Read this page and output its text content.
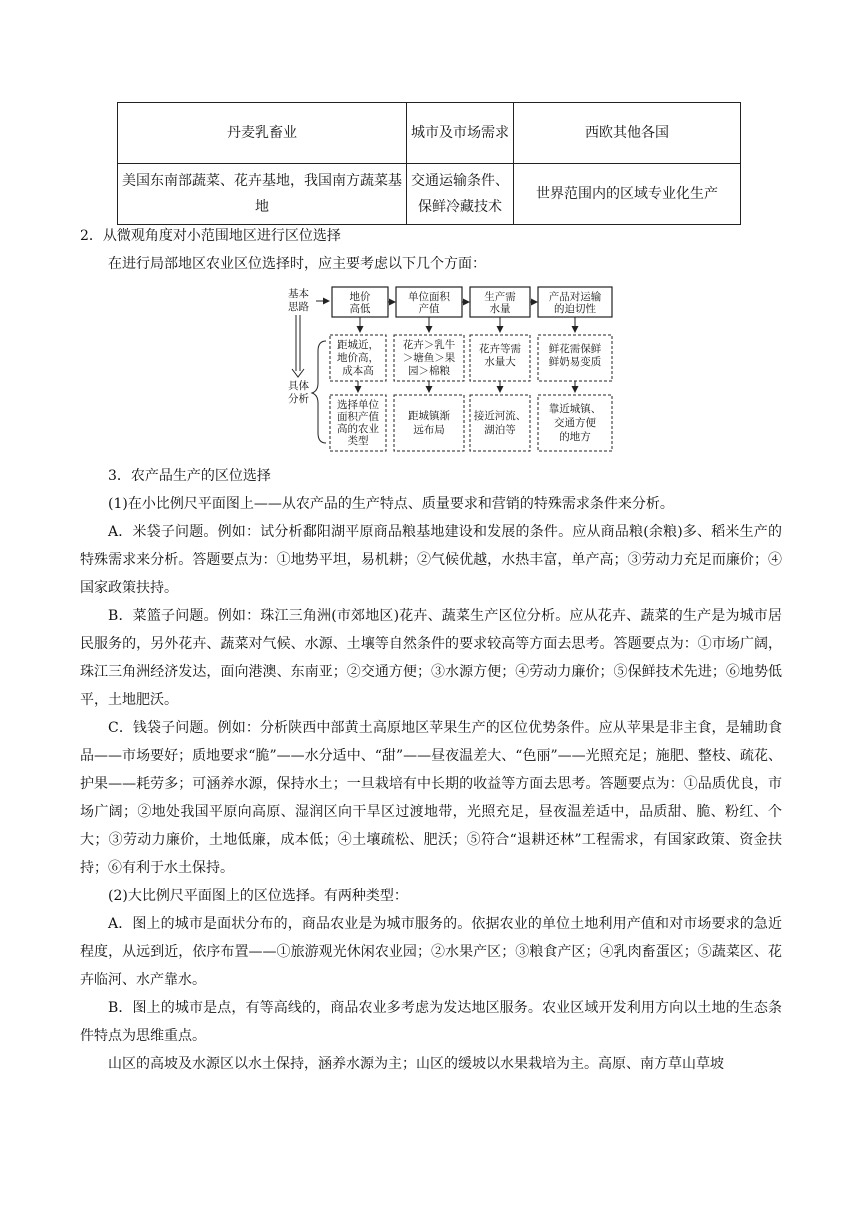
丹麦乳畜业	城市及市场需求	西欧其他各国
美国东南部蔬菜、花卉基地，我国南方蔬菜基地	交通运输条件、保鲜冷藏技术	世界范围内的区域专业化生产
2．从微观角度对小范围地区进行区位选择
在进行局部地区农业区位选择时，应主要考虑以下几个方面：
基本
思路
具体
分析
地价
高低
单位面积
产值
生产需
水量
产品对运输
的迫切性
距城近，
地价高，
成本高
花卉＞乳牛
＞塘鱼＞果
园＞棉粮
花卉等需
水量大
鲜花需保鲜
鲜奶易变质
选择单位
面积产值
高的农业
类型
距城镇渐
远布局
接近河流、
湖泊等
靠近城镇、
交通方便
的地方
3．农产品生产的区位选择

(1)在小比例尺平面图上——从农产品的生产特点、质量要求和营销的特殊需求条件来分析。

A．米袋子问题。例如：试分析鄱阳湖平原商品粮基地建设和发展的条件。应从商品粮(余粮)多、稻米生产的特殊需求来分析。答题要点为：①地势平坦，易机耕；②气候优越，水热丰富，单产高；③劳动力充足而廉价；④国家政策扶持。

B．菜篮子问题。例如：珠江三角洲(市郊地区)花卉、蔬菜生产区位分析。应从花卉、蔬菜的生产是为城市居民服务的，另外花卉、蔬菜对气候、水源、土壤等自然条件的要求较高等方面去思考。答题要点为：①市场广阔，珠江三角洲经济发达，面向港澳、东南亚；②交通方便；③水源方便；④劳动力廉价；⑤保鲜技术先进；⑥地势低平，土地肥沃。

C．钱袋子问题。例如：分析陕西中部黄土高原地区苹果生产的区位优势条件。应从苹果是非主食，是辅助食品——市场要好；质地要求“脆”——水分适中、“甜”——昼夜温差大、“色丽”——光照充足；施肥、整枝、疏花、护果——耗劳多；可涵养水源，保持水土；一旦栽培有中长期的收益等方面去思考。答题要点为：①品质优良，市场广阔；②地处我国平原向高原、湿润区向干旱区过渡地带，光照充足，昼夜温差适中，品质甜、脆、粉红、个大；③劳动力廉价，土地低廉，成本低；④土壤疏松、肥沃；⑤符合“退耕还林”工程需求，有国家政策、资金扶持；⑥有利于水土保持。

(2)大比例尺平面图上的区位选择。有两种类型：

A．图上的城市是面状分布的，商品农业是为城市服务的。依据农业的单位土地利用产值和对市场要求的急近程度，从远到近，依序布置——①旅游观光休闲农业园；②水果产区；③粮食产区；④乳肉畜蛋区；⑤蔬菜区、花卉临河、水产靠水。

B．图上的城市是点，有等高线的，商品农业多考虑为发达地区服务。农业区域开发利用方向以土地的生态条件特点为思维重点。

山区的高坡及水源区以水土保持，涵养水源为主；山区的缓坡以水果栽培为主。高原、南方草山草坡
